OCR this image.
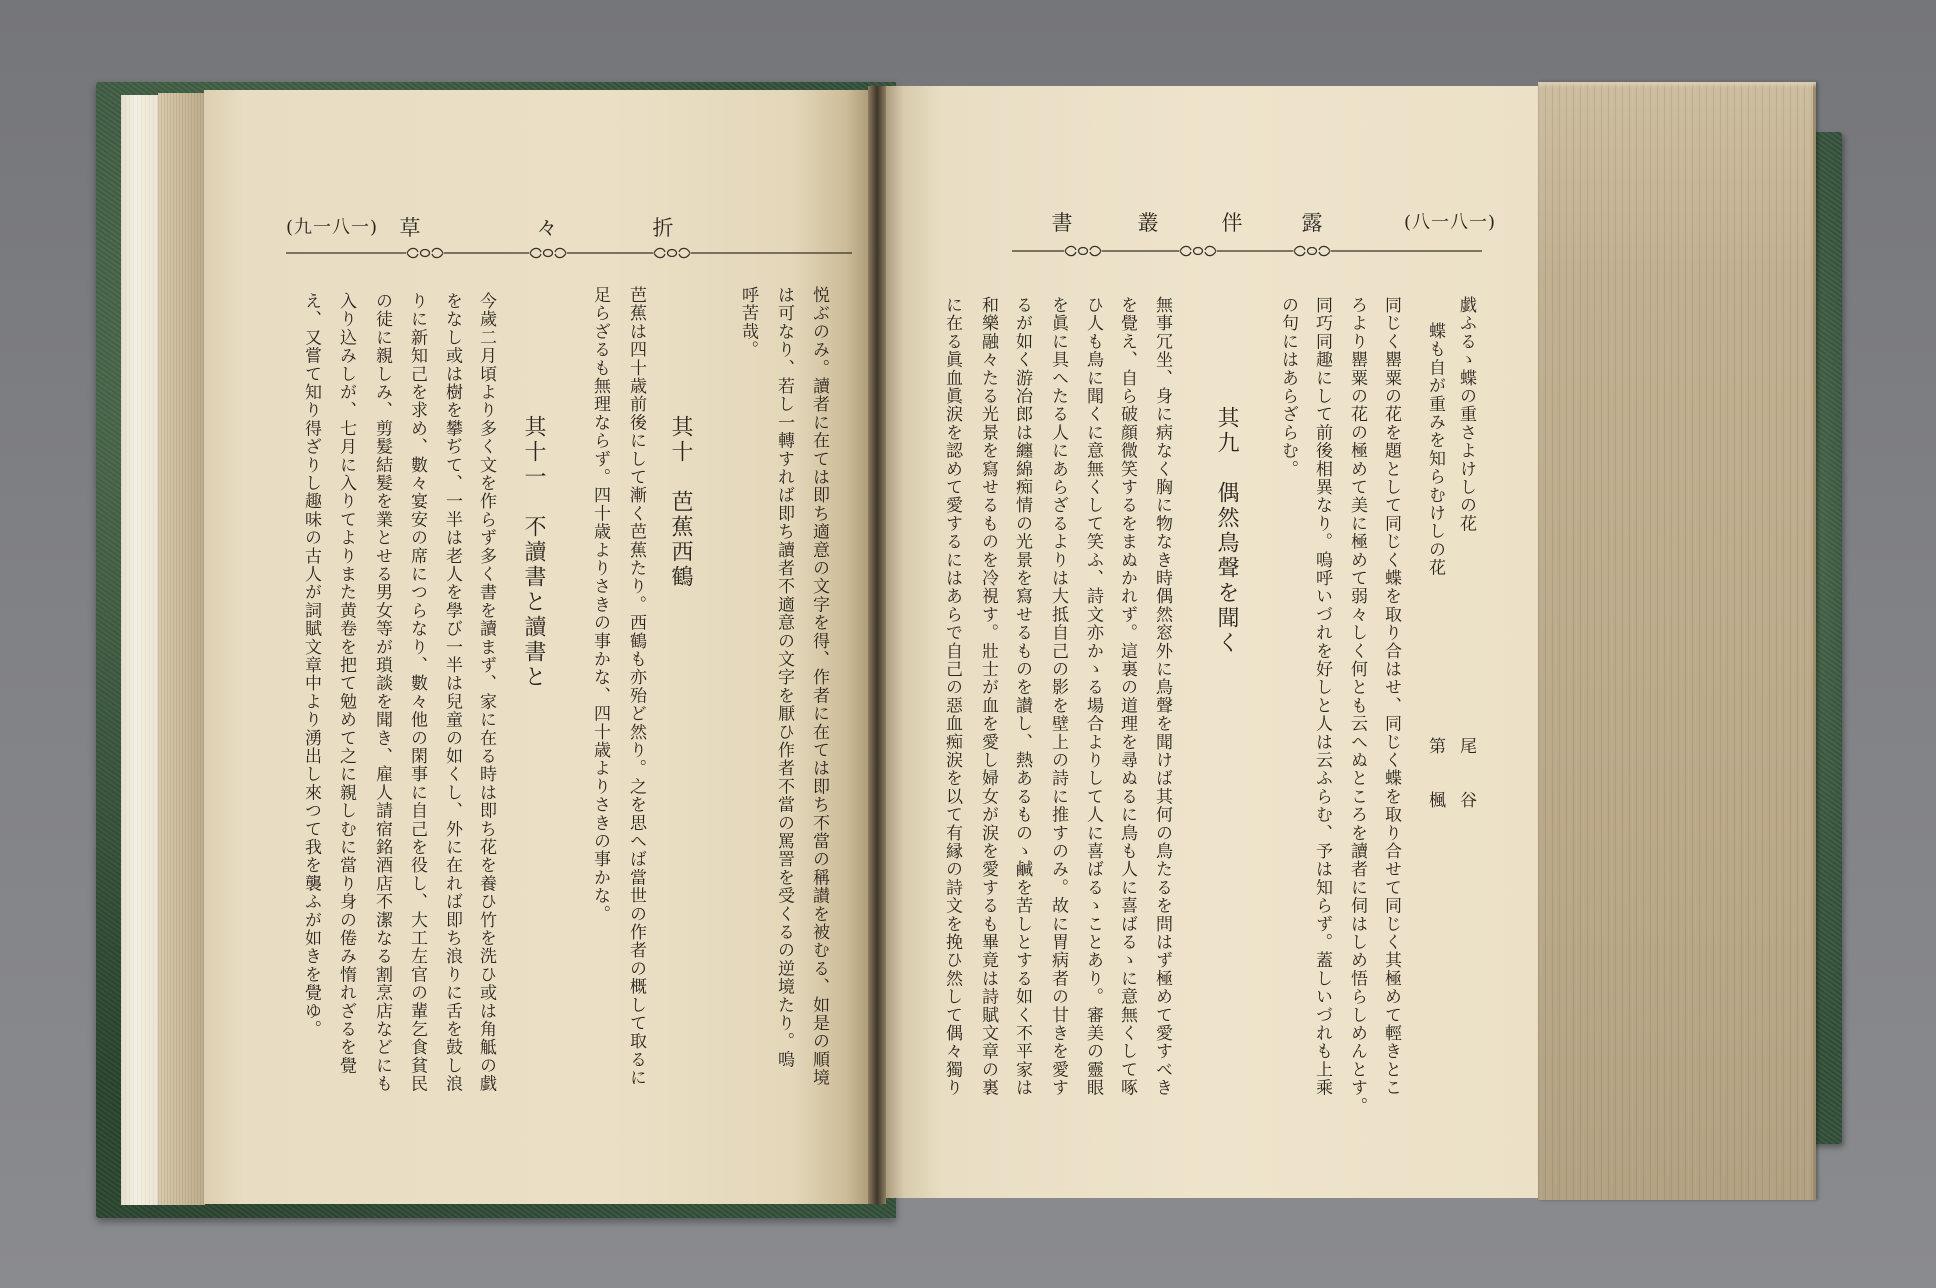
(九一八一) 草	々	折	書	叢	伴	露	(八一八一)
戯ふるゝ蝶の重さよけしの花
尾　谷
蝶も自が重みを知らむけしの花
第　楓
同じく罌粟の花を題として同じく蝶を取り合はせ、同じく蝶を取り合せて同じく其極めて輕きとこ
ろより罌粟の花の極めて美に極めて弱々しく何とも云へぬところを讀者に伺はしめ悟らしめんとす。
同巧同趣にして前後相異なり。嗚呼いづれを好しと人は云ふらむ、予は知らず。蓋しいづれも上乘
の句にはあらざらむ。
其九　偶然鳥聲を聞く
無事冗坐、身に病なく胸に物なき時偶然窓外に鳥聲を聞けば其何の鳥たるを問はず極めて愛すべき
を覺え、自ら破顔微笑するをまぬかれず。這裏の道理を尋ぬるに鳥も人に喜ばるゝに意無くして啄
ひ人も鳥に聞くに意無くして笑ふ、詩文亦かゝる場合よりして人に喜ばるゝことあり。審美の靈眼
を眞に具へたる人にあらざるよりは大抵自己の影を壁上の詩に推すのみ。故に胃病者の甘きを愛す
るが如く游冶郎は纏綿痴情の光景を寫せるものを讃し、熱あるものゝ鹹を苦しとする如く不平家は
和樂融々たる光景を寫せるものを冷視す。壯士が血を愛し婦女が涙を愛するも畢竟は詩賦文章の裏
に在る眞血眞涙を認めて愛するにはあらで自己の惡血痴涙を以て有縁の詩文を挽ひ然して偶々獨り
悦ぶのみ。讀者に在ては即ち適意の文字を得、作者に在ては即ち不當の稱讃を被むる、如是の順境
は可なり、若し一轉すれば即ち讀者不適意の文字を厭ひ作者不當の罵詈を受くるの逆境たり。嗚
呼苦哉。
其十　芭蕉西鶴
芭蕉は四十歳前後にして漸く芭蕉たり。西鶴も亦殆ど然り。之を思へば當世の作者の概して取るに
足らざるも無理ならず。四十歳よりさきの事かな、四十歳よりさきの事かな。
其十一　不讀書と讀書と
今歲二月頃より多く文を作らず多く書を讀まず、家に在る時は即ち花を養ひ竹を洗ひ或は角觝の戯
をなし或は樹を攀ぢて、一半は老人を學び一半は兒童の如くし、外に在れば即ち浪りに舌を鼓し浪
りに新知己を求め、數々宴安の席につらなり、數々他の閑事に自己を役し、大工左官の輩乞食貧民
の徒に親しみ、剪髮結髮を業とせる男女等が瑣談を聞き、雇人請宿銘酒店不潔なる割烹店などにも
入り込みしが、七月に入りてよりまた黄卷を把て勉めて之に親しむに當り身の倦み惰れざるを覺
え、又嘗て知り得ざりし趣味の古人が詞賦文章中より湧出し來つて我を襲ふが如きを覺ゆ。
